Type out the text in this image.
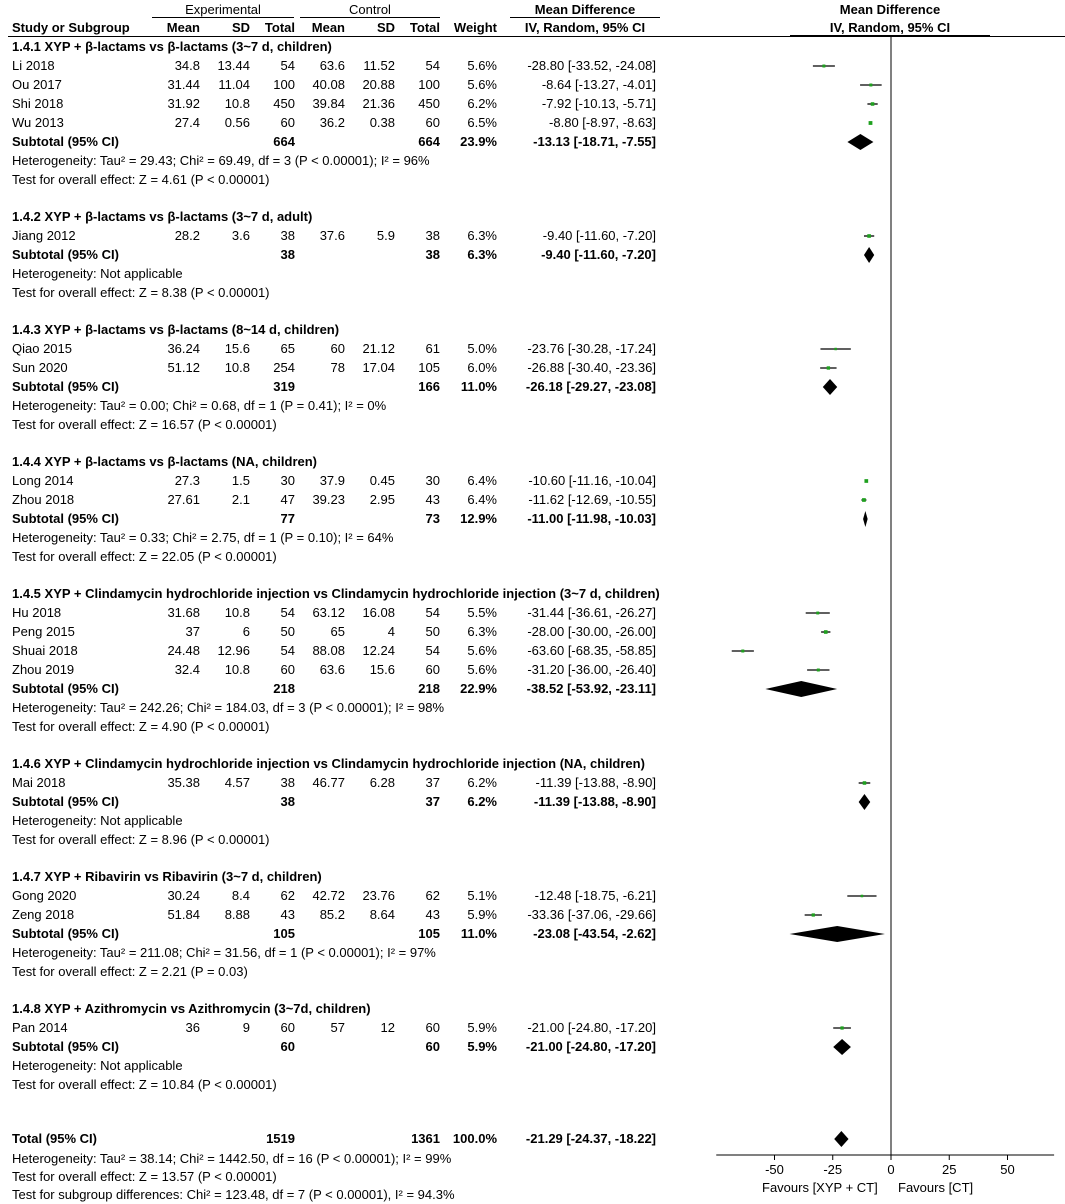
Experimental	Control	Mean Difference	Mean Difference
Study or Subgroup	Mean	SD	Total	Mean	SD	Total	Weight	IV, Random, 95% CI	IV, Random, 95% CI
1.4.1 XYP + β-lactams vs β-lactams (3~7 d, children)
Li 2018	34.8	13.44	54	63.6	11.52	54	5.6%	-28.80 [-33.52, -24.08]
Ou 2017	31.44	11.04	100	40.08	20.88	100	5.6%	-8.64 [-13.27, -4.01]
Shi 2018	31.92	10.8	450	39.84	21.36	450	6.2%	-7.92 [-10.13, -5.71]
Wu 2013	27.4	0.56	60	36.2	0.38	60	6.5%	-8.80 [-8.97, -8.63]
Subtotal (95% CI)	664	664	23.9%	-13.13 [-18.71, -7.55]
Heterogeneity: Tau² = 29.43; Chi² = 69.49, df = 3 (P < 0.00001); I² = 96%
Test for overall effect: Z = 4.61 (P < 0.00001)
1.4.2 XYP + β-lactams vs β-lactams (3~7 d, adult)
Jiang 2012	28.2	3.6	38	37.6	5.9	38	6.3%	-9.40 [-11.60, -7.20]
Subtotal (95% CI)	38	38	6.3%	-9.40 [-11.60, -7.20]
Heterogeneity: Not applicable
Test for overall effect: Z = 8.38 (P < 0.00001)
1.4.3 XYP + β-lactams vs β-lactams (8~14 d, children)
Qiao 2015	36.24	15.6	65	60	21.12	61	5.0%	-23.76 [-30.28, -17.24]
Sun 2020	51.12	10.8	254	78	17.04	105	6.0%	-26.88 [-30.40, -23.36]
Subtotal (95% CI)	319	166	11.0%	-26.18 [-29.27, -23.08]
Heterogeneity: Tau² = 0.00; Chi² = 0.68, df = 1 (P = 0.41); I² = 0%
Test for overall effect: Z = 16.57 (P < 0.00001)
1.4.4 XYP + β-lactams vs β-lactams (NA, children)
Long 2014	27.3	1.5	30	37.9	0.45	30	6.4%	-10.60 [-11.16, -10.04]
Zhou 2018	27.61	2.1	47	39.23	2.95	43	6.4%	-11.62 [-12.69, -10.55]
Subtotal (95% CI)	77	73	12.9%	-11.00 [-11.98, -10.03]
Heterogeneity: Tau² = 0.33; Chi² = 2.75, df = 1 (P = 0.10); I² = 64%
Test for overall effect: Z = 22.05 (P < 0.00001)
1.4.5 XYP + Clindamycin hydrochloride injection vs Clindamycin hydrochloride injection (3~7 d, children)
Hu 2018	31.68	10.8	54	63.12	16.08	54	5.5%	-31.44 [-36.61, -26.27]
Peng 2015	37	6	50	65	4	50	6.3%	-28.00 [-30.00, -26.00]
Shuai 2018	24.48	12.96	54	88.08	12.24	54	5.6%	-63.60 [-68.35, -58.85]
Zhou 2019	32.4	10.8	60	63.6	15.6	60	5.6%	-31.20 [-36.00, -26.40]
Subtotal (95% CI)	218	218	22.9%	-38.52 [-53.92, -23.11]
Heterogeneity: Tau² = 242.26; Chi² = 184.03, df = 3 (P < 0.00001); I² = 98%
Test for overall effect: Z = 4.90 (P < 0.00001)
1.4.6 XYP + Clindamycin hydrochloride injection vs Clindamycin hydrochloride injection (NA, children)
Mai 2018	35.38	4.57	38	46.77	6.28	37	6.2%	-11.39 [-13.88, -8.90]
Subtotal (95% CI)	38	37	6.2%	-11.39 [-13.88, -8.90]
Heterogeneity: Not applicable
Test for overall effect: Z = 8.96 (P < 0.00001)
1.4.7 XYP + Ribavirin vs Ribavirin (3~7 d, children)
Gong 2020	30.24	8.4	62	42.72	23.76	62	5.1%	-12.48 [-18.75, -6.21]
Zeng 2018	51.84	8.88	43	85.2	8.64	43	5.9%	-33.36 [-37.06, -29.66]
Subtotal (95% CI)	105	105	11.0%	-23.08 [-43.54, -2.62]
Heterogeneity: Tau² = 211.08; Chi² = 31.56, df = 1 (P < 0.00001); I² = 97%
Test for overall effect: Z = 2.21 (P = 0.03)
1.4.8 XYP + Azithromycin vs Azithromycin (3~7d, children)
Pan 2014	36	9	60	57	12	60	5.9%	-21.00 [-24.80, -17.20]
Subtotal (95% CI)	60	60	5.9%	-21.00 [-24.80, -17.20]
Heterogeneity: Not applicable
Test for overall effect: Z = 10.84 (P < 0.00001)
Total (95% CI)	1519	1361 100.0%	-21.29 [-24.37, -18.22]
Heterogeneity: Tau² = 38.14; Chi² = 1442.50, df = 16 (P < 0.00001); I² = 99%
Test for overall effect: Z = 13.57 (P < 0.00001)
Test for subgroup differences: Chi² = 123.48, df = 7 (P < 0.00001), I² = 94.3%
-50	-25	0	25	50
Favours [XYP + CT] Favours [CT]
